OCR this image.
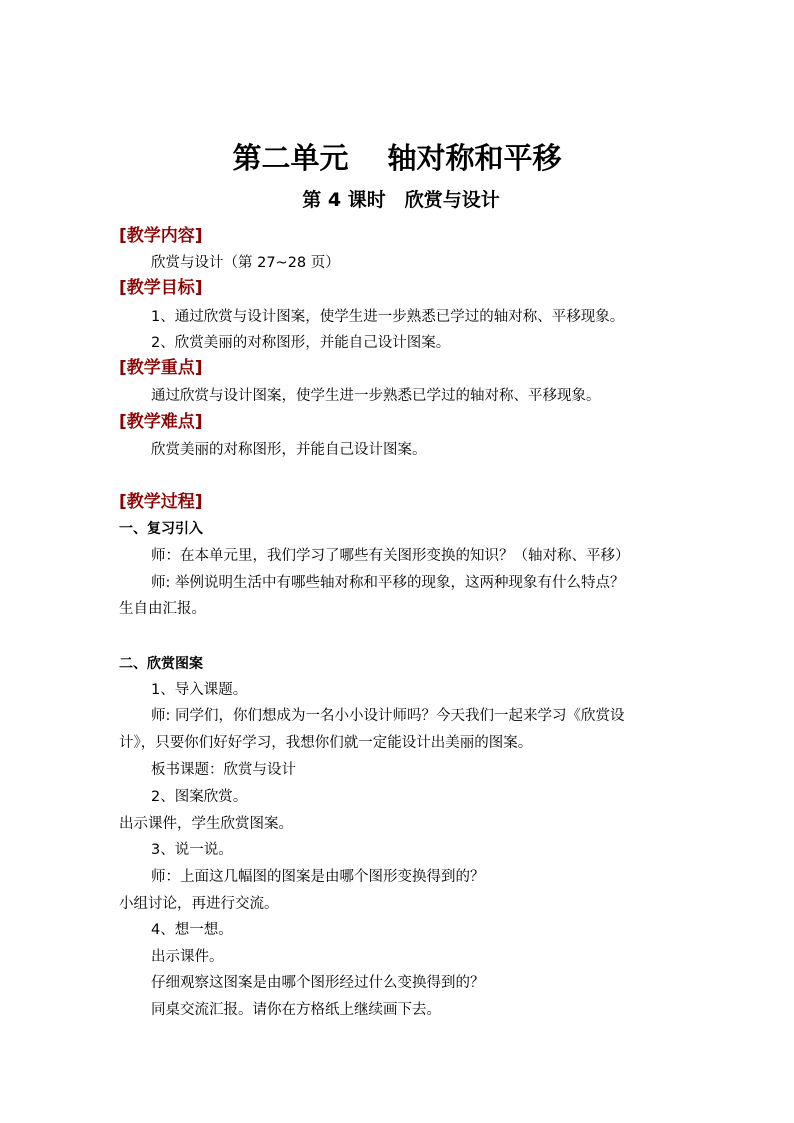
第二单元　 轴对称和平移
第 4 课时　欣赏与设计
[教学内容]
欣赏与设计（第 27~28 页）
[教学目标]
1、通过欣赏与设计图案，使学生进一步熟悉已学过的轴对称、平移现象。
2、欣赏美丽的对称图形，并能自己设计图案。
[教学重点]
通过欣赏与设计图案，使学生进一步熟悉已学过的轴对称、平移现象。
[教学难点]
欣赏美丽的对称图形，并能自己设计图案。
[教学过程]
一、复习引入
师：在本单元里，我们学习了哪些有关图形变换的知识？（轴对称、平移）
师: 举例说明生活中有哪些轴对称和平移的现象，这两种现象有什么特点？
生自由汇报。
二、欣赏图案
1、导入课题。
师: 同学们，你们想成为一名小小设计师吗？今天我们一起来学习《欣赏设
计》，只要你们好好学习，我想你们就一定能设计出美丽的图案。
板书课题：欣赏与设计
2、图案欣赏。
出示课件，学生欣赏图案。
3、说一说。
师：上面这几幅图的图案是由哪个图形变换得到的？
小组讨论，再进行交流。
4、想一想。
出示课件。
仔细观察这图案是由哪个图形经过什么变换得到的？
同桌交流汇报。请你在方格纸上继续画下去。
